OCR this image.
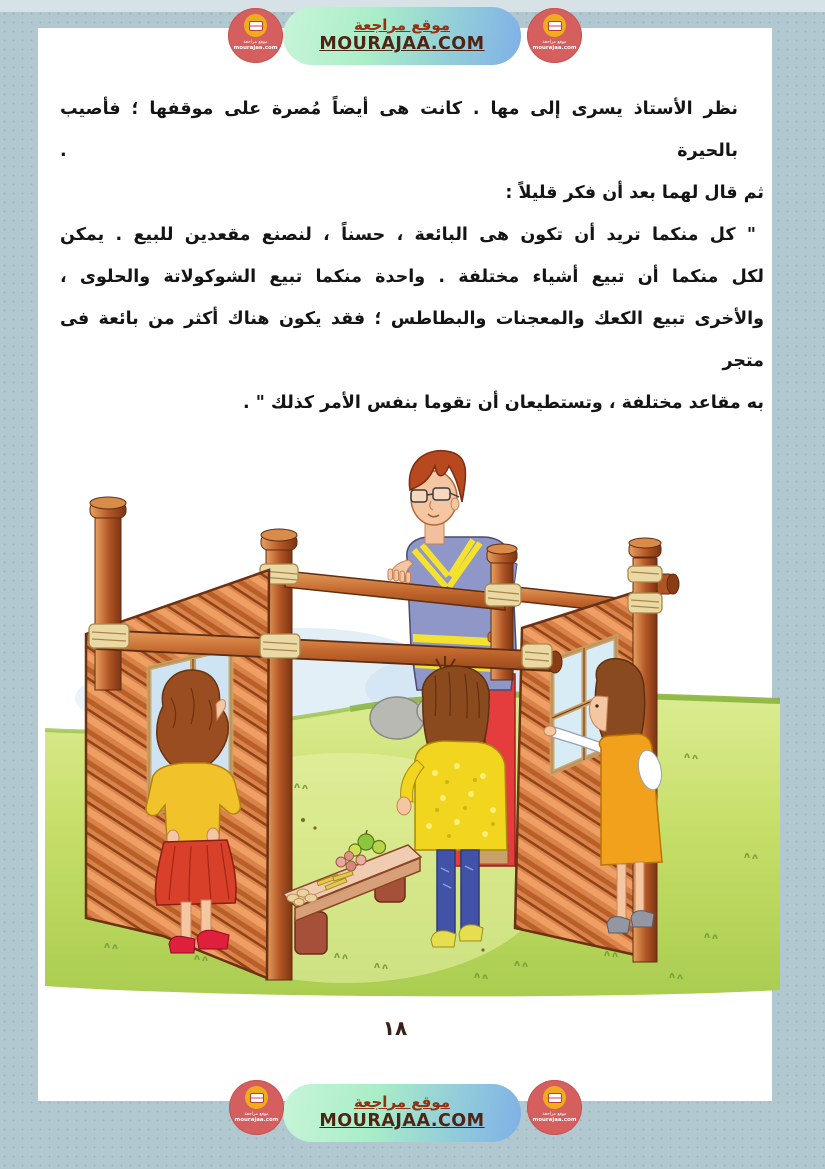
موقع مراجعة
MOURAJAA.COM
موقع مراجعة
mourajaa.com
موقع مراجعة
mourajaa.com
نظر الأستاذ يسرى إلى مها . كانت هى أيضاً مُصرة على موقفها ؛ فأصيب بالحيرة .
ثم قال لهما بعد أن فكر قليلاً :
" كل منكما تريد أن تكون هى البائعة ، حسناً ، لنصنع مقعدين للبيع . يمكن
لكل منكما أن تبيع أشياء مختلفة . واحدة منكما تبيع الشوكولاتة والحلوى ،
والأخرى تبيع الكعك والمعجنات والبطاطس ؛ فقد يكون هناك أكثر من بائعة فى متجر
به مقاعد مختلفة ، وتستطيعان أن تقوما بنفس الأمر كذلك " .
١٨
موقع مراجعة
MOURAJAA.COM
موقع مراجعة
mourajaa.com
موقع مراجعة
mourajaa.com
